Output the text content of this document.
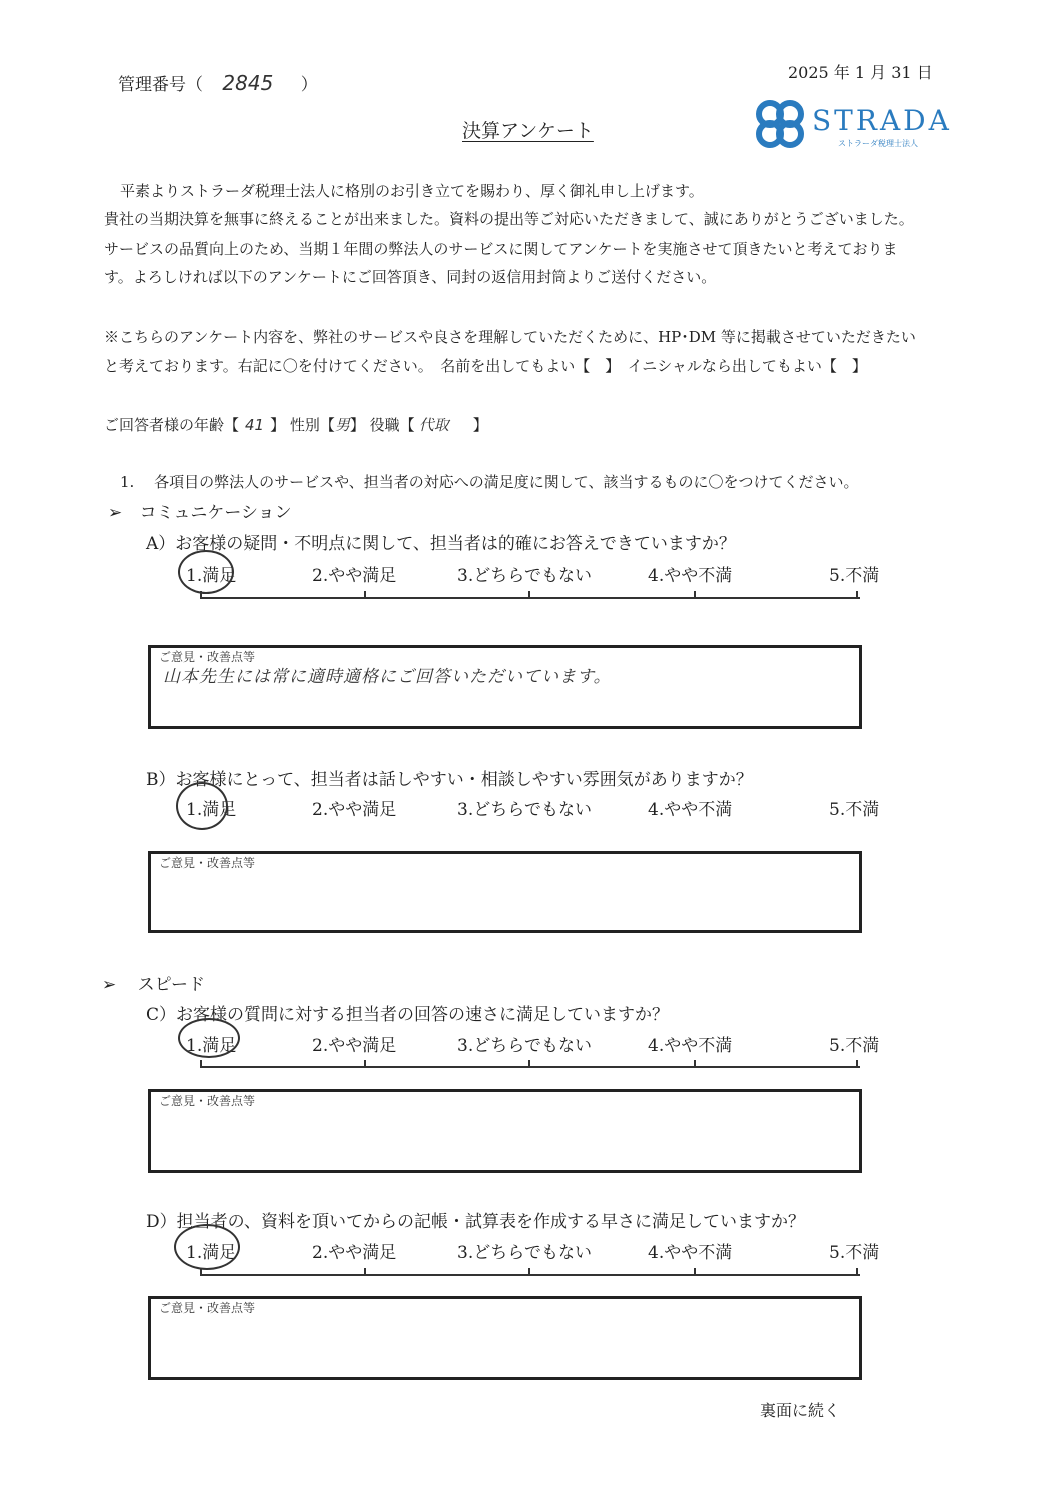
管理番号（ 2845 ）
2025 年 1 月 31 日
STRADA
ストラーダ税理士法人
決算アンケート
平素よりストラーダ税理士法人に格別のお引き立てを賜わり、厚く御礼申し上げます。
貴社の当期決算を無事に終えることが出来ました。資料の提出等ご対応いただきまして、誠にありがとうございました。
サービスの品質向上のため、当期１年間の弊法人のサービスに関してアンケートを実施させて頂きたいと考えておりま
す。よろしければ以下のアンケートにご回答頂き、同封の返信用封筒よりご送付ください。
※こちらのアンケート内容を、弊社のサービスや良さを理解していただくために、HP･DM 等に掲載させていただきたい
と考えております。右記に〇を付けてください。　名前を出してもよい【　】　イニシャルなら出してもよい【　】
ご回答者様の年齢【 41 】 性別【男】 役職【 代取 】
1.　 各項目の弊法人のサービスや、担当者の対応への満足度に関して、該当するものに〇をつけてください。
➢ コミュニケーション
A）お客様の疑問・不明点に関して、担当者は的確にお答えできていますか？
1.満足	2.やや満足	3.どちらでもない	4.やや不満	5.不満
ご意見・改善点等
山本先生には常に適時適格にご回答いただいています。
B）お客様にとって、担当者は話しやすい・相談しやすい雰囲気がありますか？
1.満足	2.やや満足	3.どちらでもない	4.やや不満	5.不満
ご意見・改善点等
➢ スピード
C）お客様の質問に対する担当者の回答の速さに満足していますか？
1.満足	2.やや満足	3.どちらでもない	4.やや不満	5.不満
ご意見・改善点等
D）担当者の、資料を頂いてからの記帳・試算表を作成する早さに満足していますか？
1.満足	2.やや満足	3.どちらでもない	4.やや不満	5.不満
ご意見・改善点等
裏面に続く
